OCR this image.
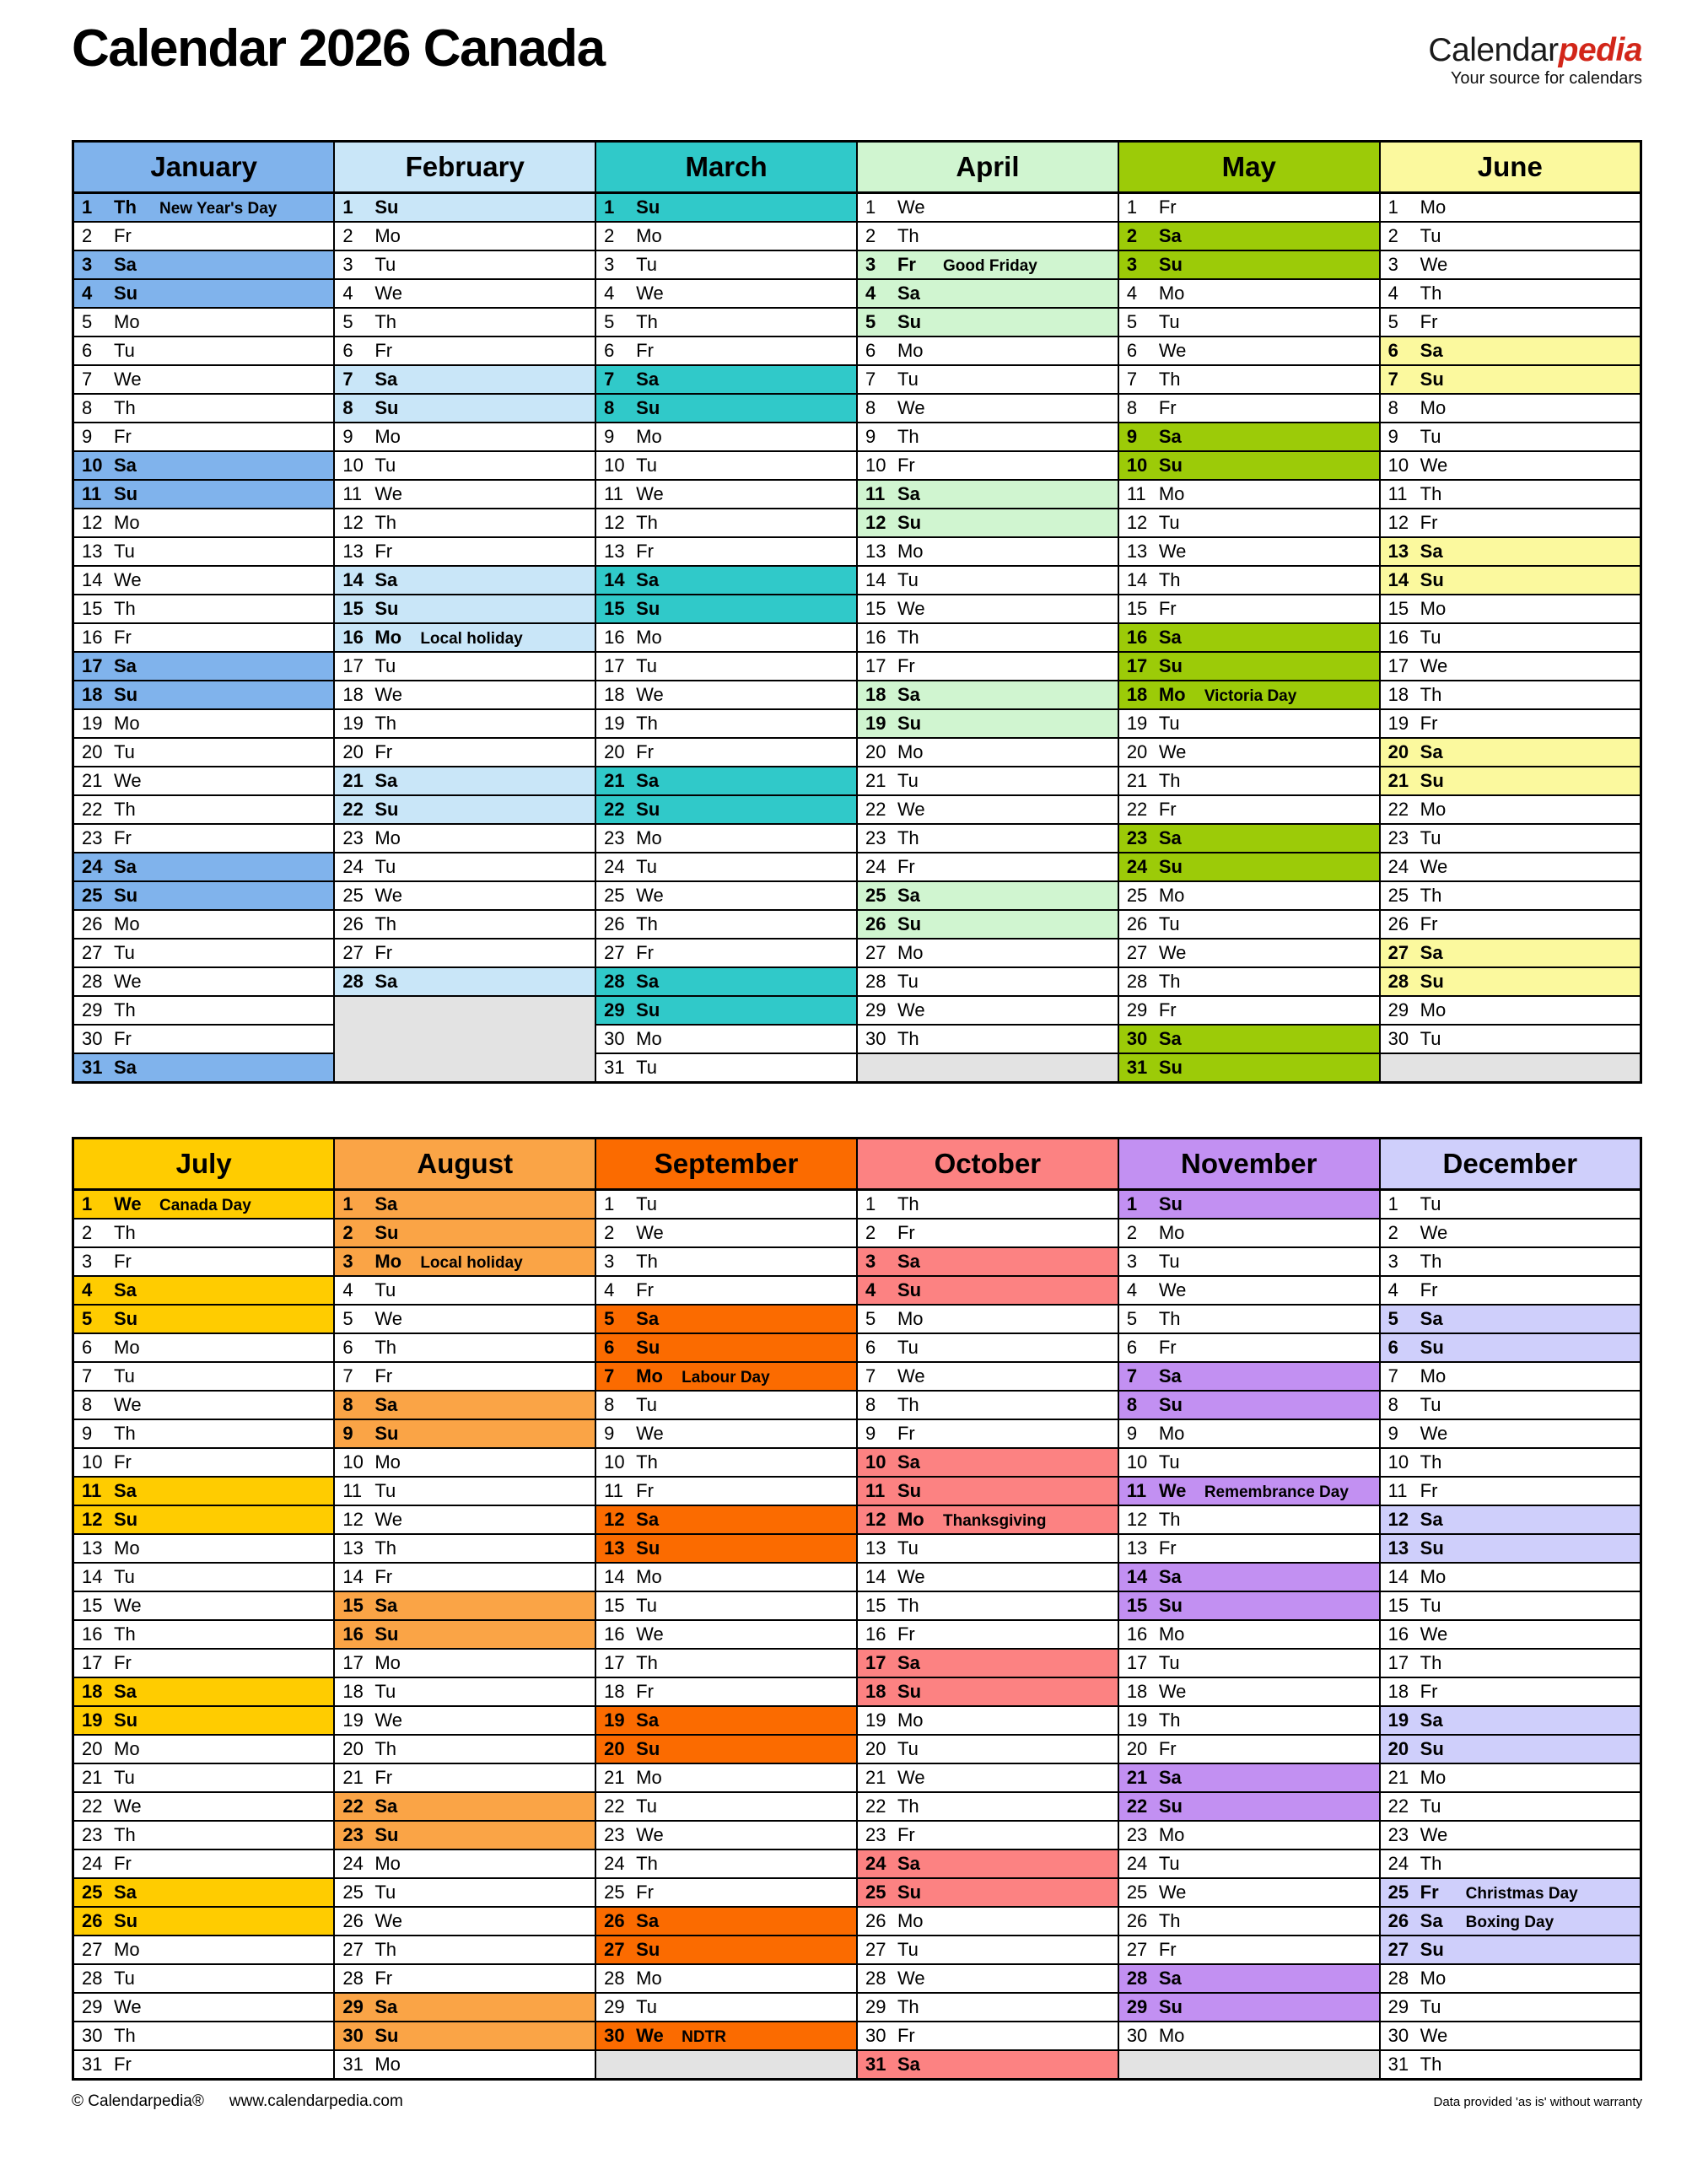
Calendar 2026 Canada	Calendarpedia
Your source for calendars
January	February	March	April	May	June
1 Th New Year's Day	1 Su	1 Su	1 We	1 Fr	1 Mo
2 Fr	2 Mo	2 Mo	2 Th	2 Sa	2 Tu
3 Sa	3 Tu	3 Tu	3 Fr Good Friday	3 Su	3 We
4 Su	4 We	4 We	4 Sa	4 Mo	4 Th
5 Mo	5 Th	5 Th	5 Su	5 Tu	5 Fr
6 Tu	6 Fr	6 Fr	6 Mo	6 We	6 Sa
7 We	7 Sa	7 Sa	7 Tu	7 Th	7 Su
8 Th	8 Su	8 Su	8 We	8 Fr	8 Mo
9 Fr	9 Mo	9 Mo	9 Th	9 Sa	9 Tu
10 Sa	10 Tu	10 Tu	10 Fr	10 Su	10 We
11 Su	11 We	11 We	11 Sa	11 Mo	11 Th
12 Mo	12 Th	12 Th	12 Su	12 Tu	12 Fr
13 Tu	13 Fr	13 Fr	13 Mo	13 We	13 Sa
14 We	14 Sa	14 Sa	14 Tu	14 Th	14 Su
15 Th	15 Su	15 Su	15 We	15 Fr	15 Mo
16 Fr	16 Mo Local holiday	16 Mo	16 Th	16 Sa	16 Tu
17 Sa	17 Tu	17 Tu	17 Fr	17 Su	17 We
18 Su	18 We	18 We	18 Sa	18 Mo Victoria Day	18 Th
19 Mo	19 Th	19 Th	19 Su	19 Tu	19 Fr
20 Tu	20 Fr	20 Fr	20 Mo	20 We	20 Sa
21 We	21 Sa	21 Sa	21 Tu	21 Th	21 Su
22 Th	22 Su	22 Su	22 We	22 Fr	22 Mo
23 Fr	23 Mo	23 Mo	23 Th	23 Sa	23 Tu
24 Sa	24 Tu	24 Tu	24 Fr	24 Su	24 We
25 Su	25 We	25 We	25 Sa	25 Mo	25 Th
26 Mo	26 Th	26 Th	26 Su	26 Tu	26 Fr
27 Tu	27 Fr	27 Fr	27 Mo	27 We	27 Sa
28 We	28 Sa	28 Sa	28 Tu	28 Th	28 Su
29 Th		29 Su	29 We	29 Fr	29 Mo
30 Fr		30 Mo	30 Th	30 Sa	30 Tu
31 Sa		31 Tu		31 Su	
July	August	September	October	November	December
1 We Canada Day	1 Sa	1 Tu	1 Th	1 Su	1 Tu
2 Th	2 Su	2 We	2 Fr	2 Mo	2 We
3 Fr	3 Mo Local holiday	3 Th	3 Sa	3 Tu	3 Th
4 Sa	4 Tu	4 Fr	4 Su	4 We	4 Fr
5 Su	5 We	5 Sa	5 Mo	5 Th	5 Sa
6 Mo	6 Th	6 Su	6 Tu	6 Fr	6 Su
7 Tu	7 Fr	7 Mo Labour Day	7 We	7 Sa	7 Mo
8 We	8 Sa	8 Tu	8 Th	8 Su	8 Tu
9 Th	9 Su	9 We	9 Fr	9 Mo	9 We
10 Fr	10 Mo	10 Th	10 Sa	10 Tu	10 Th
11 Sa	11 Tu	11 Fr	11 Su	11 We Remembrance Day	11 Fr
12 Su	12 We	12 Sa	12 Mo Thanksgiving	12 Th	12 Sa
13 Mo	13 Th	13 Su	13 Tu	13 Fr	13 Su
14 Tu	14 Fr	14 Mo	14 We	14 Sa	14 Mo
15 We	15 Sa	15 Tu	15 Th	15 Su	15 Tu
16 Th	16 Su	16 We	16 Fr	16 Mo	16 We
17 Fr	17 Mo	17 Th	17 Sa	17 Tu	17 Th
18 Sa	18 Tu	18 Fr	18 Su	18 We	18 Fr
19 Su	19 We	19 Sa	19 Mo	19 Th	19 Sa
20 Mo	20 Th	20 Su	20 Tu	20 Fr	20 Su
21 Tu	21 Fr	21 Mo	21 We	21 Sa	21 Mo
22 We	22 Sa	22 Tu	22 Th	22 Su	22 Tu
23 Th	23 Su	23 We	23 Fr	23 Mo	23 We
24 Fr	24 Mo	24 Th	24 Sa	24 Tu	24 Th
25 Sa	25 Tu	25 Fr	25 Su	25 We	25 Fr Christmas Day
26 Su	26 We	26 Sa	26 Mo	26 Th	26 Sa Boxing Day
27 Mo	27 Th	27 Su	27 Tu	27 Fr	27 Su
28 Tu	28 Fr	28 Mo	28 We	28 Sa	28 Mo
29 We	29 Sa	29 Tu	29 Th	29 Su	29 Tu
30 Th	30 Su	30 We NDTR	30 Fr	30 Mo	30 We
31 Fr	31 Mo		31 Sa		31 Th
© Calendarpedia® www.calendarpedia.com	Data provided 'as is' without warranty
